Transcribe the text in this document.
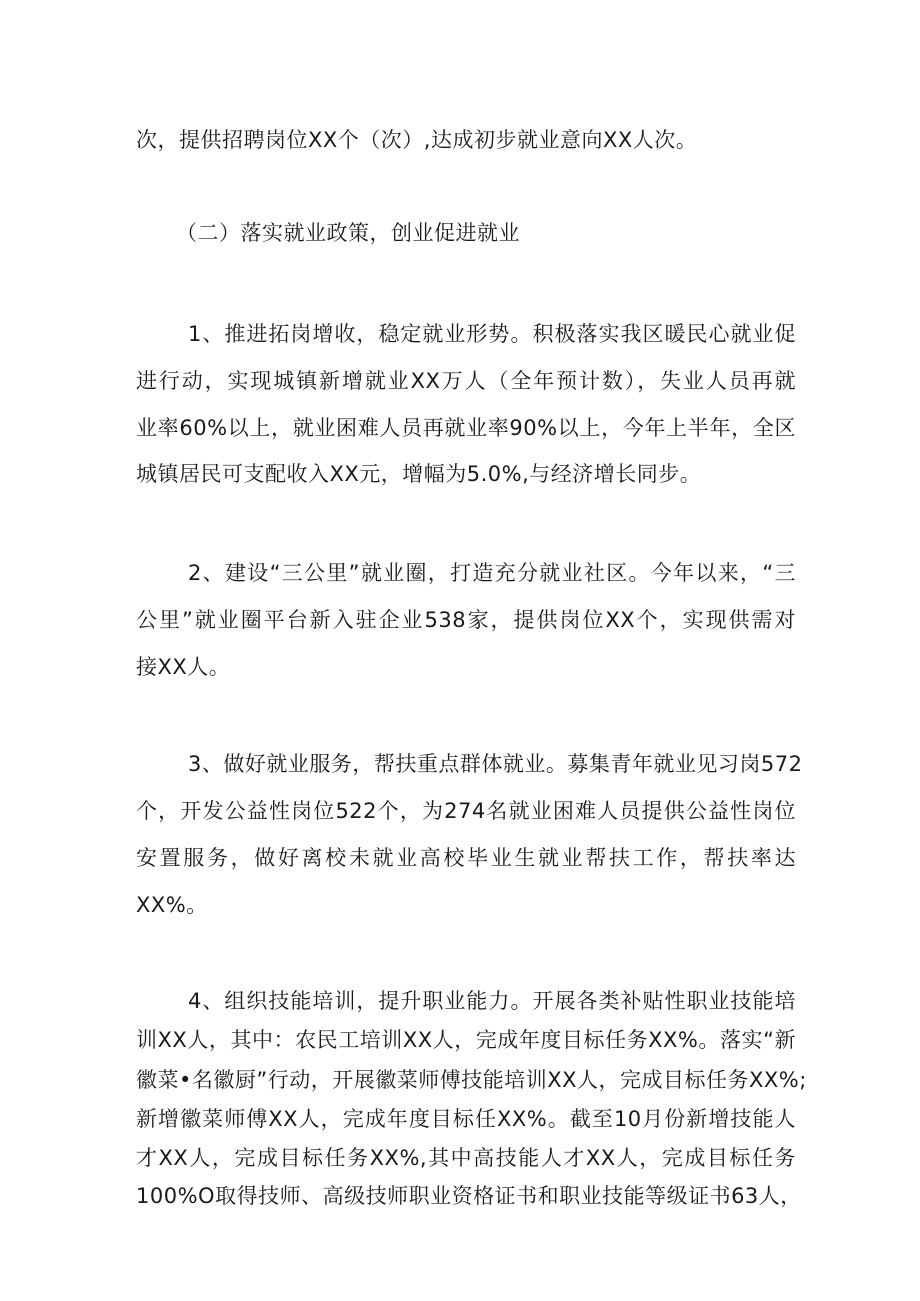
次，提供招聘岗位XX个（次）,达成初步就业意向XX人次。
（二）落实就业政策，创业促进就业
1、推进拓岗增收，稳定就业形势。积极落实我区暖民心就业促
进行动，实现城镇新增就业XX万人（全年预计数），失业人员再就
业率60%以上，就业困难人员再就业率90%以上，今年上半年，全区
城镇居民可支配收入XX元，增幅为5.0%,与经济增长同步。
2、建设“三公里”就业圈，打造充分就业社区。今年以来，“三
公里”就业圈平台新入驻企业538家，提供岗位XX个，实现供需对
接XX人。
3、做好就业服务，帮扶重点群体就业。募集青年就业见习岗572
个，开发公益性岗位522个，为274名就业困难人员提供公益性岗位
安置服务，做好离校未就业高校毕业生就业帮扶工作，帮扶率达
XX%。
4、组织技能培训，提升职业能力。开展各类补贴性职业技能培
训XX人，其中：农民工培训XX人，完成年度目标任务XX%。落实“新
徽菜•名徽厨”行动，开展徽菜师傅技能培训XX人，完成目标任务XX%;
新增徽菜师傅XX人，完成年度目标任XX%。截至10月份新增技能人
才XX人，完成目标任务XX%,其中高技能人才XX人，完成目标任务
100%O取得技师、高级技师职业资格证书和职业技能等级证书63人，
